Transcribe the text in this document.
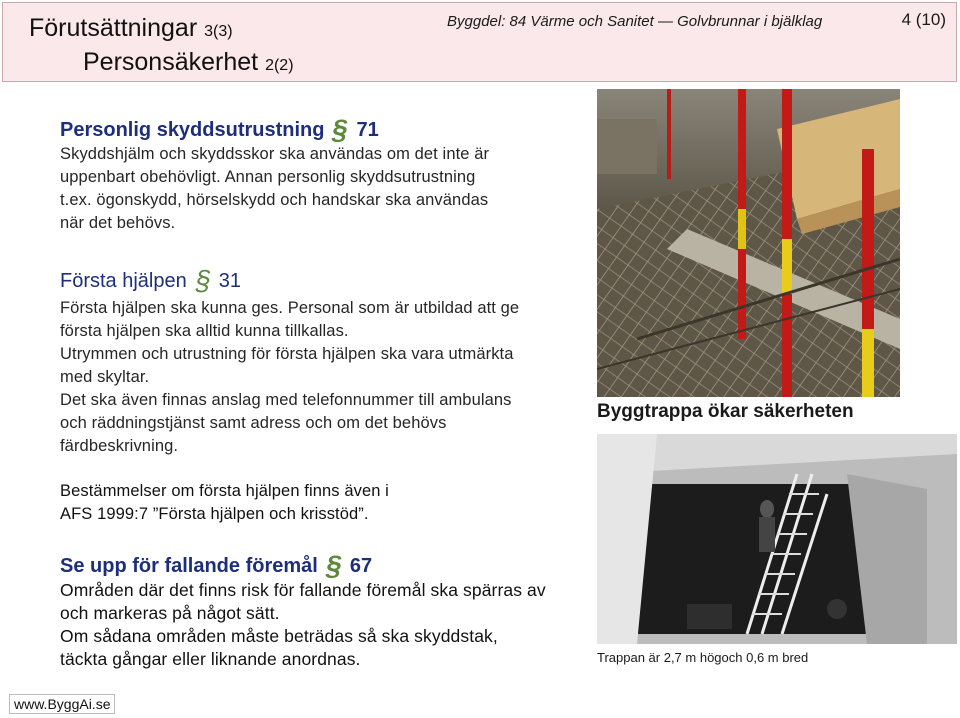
Förutsättningar 3(3)
Personsäkerhet 2(2)
Byggdel: 84 Värme och Sanitet ― Golvbrunnar i bjälklag	4 (10)
Personlig skyddsutrustning § 71
Skyddshjälm och skyddsskor ska användas om det inte är
uppenbart obehövligt. Annan personlig skyddsutrustning
t.ex. ögonskydd, hörselskydd och handskar ska användas
när det behövs.
Första hjälpen § 31
Första hjälpen ska kunna ges. Personal som är utbildad att ge
första hjälpen ska alltid kunna tillkallas.
Utrymmen och utrustning för första hjälpen ska vara utmärkta
med skyltar.
Det ska även finnas anslag med telefonnummer till ambulans
och räddningstjänst samt adress och om det behövs
färdbeskrivning.
Bestämmelser om första hjälpen finns även i
AFS 1999:7 ”Första hjälpen och krisstöd”.
Se upp för fallande föremål § 67
Områden där det finns risk för fallande föremål ska spärras av
och markeras på något sätt.
Om sådana områden måste beträdas så ska skyddstak,
täckta gångar eller liknande anordnas.
Byggtrappa ökar säkerheten
Trappan är 2,7 m högoch 0,6 m bred
www.ByggAi.se
